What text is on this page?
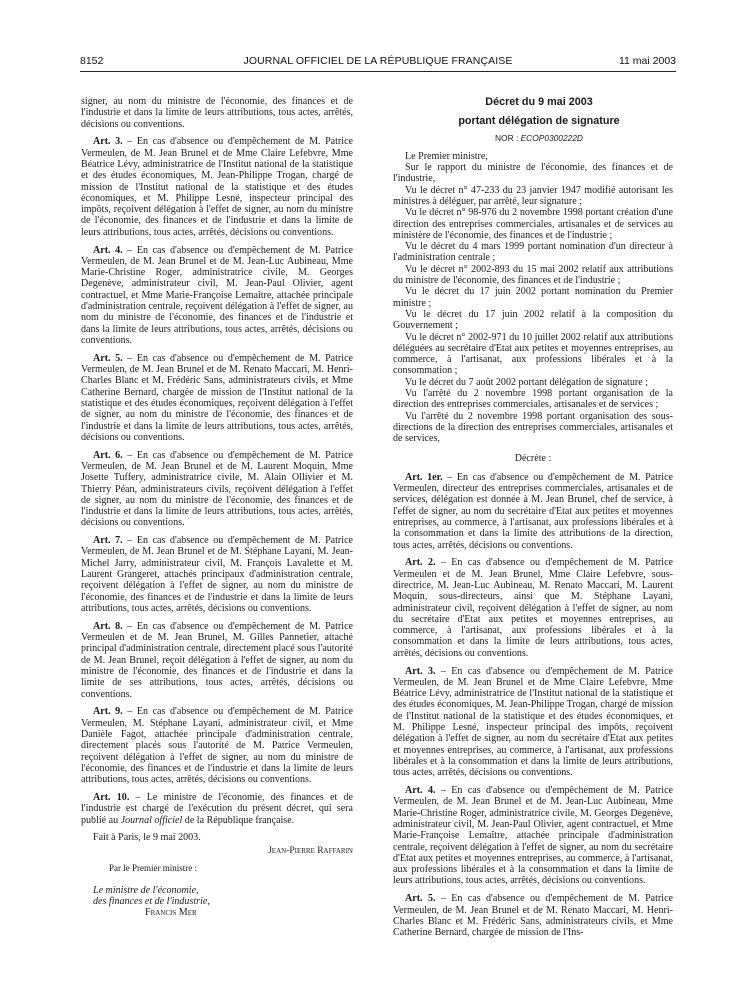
8152	JOURNAL OFFICIEL DE LA RÉPUBLIQUE FRANÇAISE	11 mai 2003

signer, au nom du ministre de l'économie, des finances et de l'industrie et dans la limite de leurs attributions, tous actes, arrêtés, décisions ou conventions.

Art. 3. – En cas d'absence ou d'empêchement de M. Patrice Vermeulen, de M. Jean Brunel et de Mme Claire Lefebvre, Mme Béatrice Lévy, administratrice de l'Institut national de la statistique et des études économiques, M. Jean-Philippe Trogan, chargé de mission de l'Institut national de la statistique et des études économiques, et M. Philippe Lesné, inspecteur principal des impôts, reçoivent délégation à l'effet de signer, au nom du ministre de l'économie, des finances et de l'industrie et dans la limite de leurs attributions, tous actes, arrêtés, décisions ou conventions.

Art. 4. – En cas d'absence ou d'empêchement de M. Patrice Vermeulen, de M. Jean Brunel et de M. Jean-Luc Aubineau, Mme Marie-Christine Roger, administratrice civile, M. Georges Degenève, administrateur civil, M. Jean-Paul Olivier, agent contractuel, et Mme Marie-Françoise Lemaître, attachée principale d'administration centrale, reçoivent délégation à l'effet de signer, au nom du ministre de l'économie, des finances et de l'industrie et dans la limite de leurs attributions, tous actes, arrêtés, décisions ou conventions.

Art. 5. – En cas d'absence ou d'empêchement de M. Patrice Vermeulen, de M. Jean Brunel et de M. Renato Maccari, M. Henri-Charles Blanc et M. Frédéric Sans, administrateurs civils, et Mme Catherine Bernard, chargée de mission de l'Institut national de la statistique et des études économiques, reçoivent délégation à l'effet de signer, au nom du ministre de l'économie, des finances et de l'industrie et dans la limite de leurs attributions, tous actes, arrêtés, décisions ou conventions.

Art. 6. – En cas d'absence ou d'empêchement de M. Patrice Vermeulen, de M. Jean Brunel et de M. Laurent Moquin, Mme Josette Tuffery, administratrice civile, M. Alain Ollivier et M. Thierry Péan, administrateurs civils, reçoivent délégation à l'effet de signer, au nom du ministre de l'économie, des finances et de l'industrie et dans la limite de leurs attributions, tous actes, arrêtés, décisions ou conventions.

Art. 7. – En cas d'absence ou d'empêchement de M. Patrice Vermeulen, de M. Jean Brunel et de M. Stéphane Layani, M. Jean-Michel Jarry, administrateur civil, M. François Lavalette et M. Laurent Grangeret, attachés principaux d'administration centrale, reçoivent délégation à l'effet de signer, au nom du ministre de l'économie, des finances et de l'industrie et dans la limite de leurs attributions, tous actes, arrêtés, décisions ou conventions.

Art. 8. – En cas d'absence ou d'empêchement de M. Patrice Vermeulen et de M. Jean Brunel, M. Gilles Pannetier, attaché principal d'administration centrale, directement placé sous l'autorité de M. Jean Brunel, reçoit délégation à l'effet de signer, au nom du ministre de l'économie, des finances et de l'industrie et dans la limite de ses attributions, tous actes, arrêtés, décisions ou conventions.

Art. 9. – En cas d'absence ou d'empêchement de M. Patrice Vermeulen, M. Stéphane Layani, administrateur civil, et Mme Danièle Fagot, attachée principale d'administration centrale, directement placés sous l'autorité de M. Patrice Vermeulen, reçoivent délégation à l'effet de signer, au nom du ministre de l'économie, des finances et de l'industrie et dans la limite de leurs attributions, tous actes, arrêtés, décisions ou conventions.

Art. 10. – Le ministre de l'économie, des finances et de l'industrie est chargé de l'exécution du présent décret, qui sera publié au Journal officiel de la République française.

Fait à Paris, le 9 mai 2003.

Jean-Pierre Raffarin

Par le Premier ministre :

Le ministre de l'économie,

des finances et de l'industrie,

Francis Mer

Décret du 9 mai 2003

portant délégation de signature

NOR : ECOP0300222D

Le Premier ministre,

Sur le rapport du ministre de l'économie, des finances et de l'industrie,

Vu le décret n° 47-233 du 23 janvier 1947 modifié autorisant les ministres à déléguer, par arrêté, leur signature ;

Vu le décret n° 98-976 du 2 novembre 1998 portant création d'une direction des entreprises commerciales, artisanales et de services au ministère de l'économie, des finances et de l'industrie ;

Vu le décret du 4 mars 1999 portant nomination d'un directeur à l'administration centrale ;

Vu le décret n° 2002-893 du 15 mai 2002 relatif aux attributions du ministre de l'économie, des finances et de l'industrie ;

Vu le décret du 17 juin 2002 portant nomination du Premier ministre ;

Vu le décret du 17 juin 2002 relatif à la composition du Gouvernement ;

Vu le décret n° 2002-971 du 10 juillet 2002 relatif aux attributions déléguées au secrétaire d'Etat aux petites et moyennes entreprises, au commerce, à l'artisanat, aux professions libérales et à la consommation ;

Vu le décret du 7 août 2002 portant délégation de signature ;

Vu l'arrêté du 2 novembre 1998 portant organisation de la direction des entreprises commerciales, artisanales et de services ;

Vu l'arrêté du 2 novembre 1998 portant organisation des sous-directions de la direction des entreprises commerciales, artisanales et de services,

Décrète :

Art. 1er. – En cas d'absence ou d'empêchement de M. Patrice Vermeulen, directeur des entreprises commerciales, artisanales et de services, délégation est donnée à M. Jean Brunel, chef de service, à l'effet de signer, au nom du secrétaire d'Etat aux petites et moyennes entreprises, au commerce, à l'artisanat, aux professions libérales et à la consommation et dans la limite des attributions de la direction, tous actes, arrêtés, décisions ou conventions.

Art. 2. – En cas d'absence ou d'empêchement de M. Patrice Vermeulen et de M. Jean Brunel, Mme Claire Lefebvre, sous-directrice, M. Jean-Luc Aubineau, M. Renato Maccari, M. Laurent Moquin, sous-directeurs, ainsi que M. Stéphane Layani, administrateur civil, reçoivent délégation à l'effet de signer, au nom du secrétaire d'Etat aux petites et moyennes entreprises, au commerce, à l'artisanat, aux professions libérales et à la consommation et dans la limite de leurs attributions, tous actes, arrêtés, décisions ou conventions.

Art. 3. – En cas d'absence ou d'empêchement de M. Patrice Vermeulen, de M. Jean Brunel et de Mme Claire Lefebvre, Mme Béatrice Lévy, administratrice de l'Institut national de la statistique et des études économiques, M. Jean-Philippe Trogan, chargé de mission de l'Institut national de la statistique et des études économiques, et M. Philippe Lesné, inspecteur principal des impôts, reçoivent délégation à l'effet de signer, au nom du secrétaire d'Etat aux petites et moyennes entreprises, au commerce, à l'artisanat, aux professions libérales et à la consommation et dans la limite de leurs attributions, tous actes, arrêtés, décisions ou conventions.

Art. 4. – En cas d'absence ou d'empêchement de M. Patrice Vermeulen, de M. Jean Brunel et de M. Jean-Luc Aubineau, Mme Marie-Christine Roger, administratrice civile, M. Georges Degenève, administrateur civil, M. Jean-Paul Olivier, agent contractuel, et Mme Marie-Françoise Lemaître, attachée principale d'administration centrale, reçoivent délégation à l'effet de signer, au nom du secrétaire d'Etat aux petites et moyennes entreprises, au commerce, à l'artisanat, aux professions libérales et à la consommation et dans la limite de leurs attributions, tous actes, arrêtés, décisions ou conventions.

Art. 5. – En cas d'absence ou d'empêchement de M. Patrice Vermeulen, de M. Jean Brunel et de M. Renato Maccari, M. Henri-Charles Blanc et M. Frédéric Sans, administrateurs civils, et Mme Catherine Bernard, chargée de mission de l'Ins-
